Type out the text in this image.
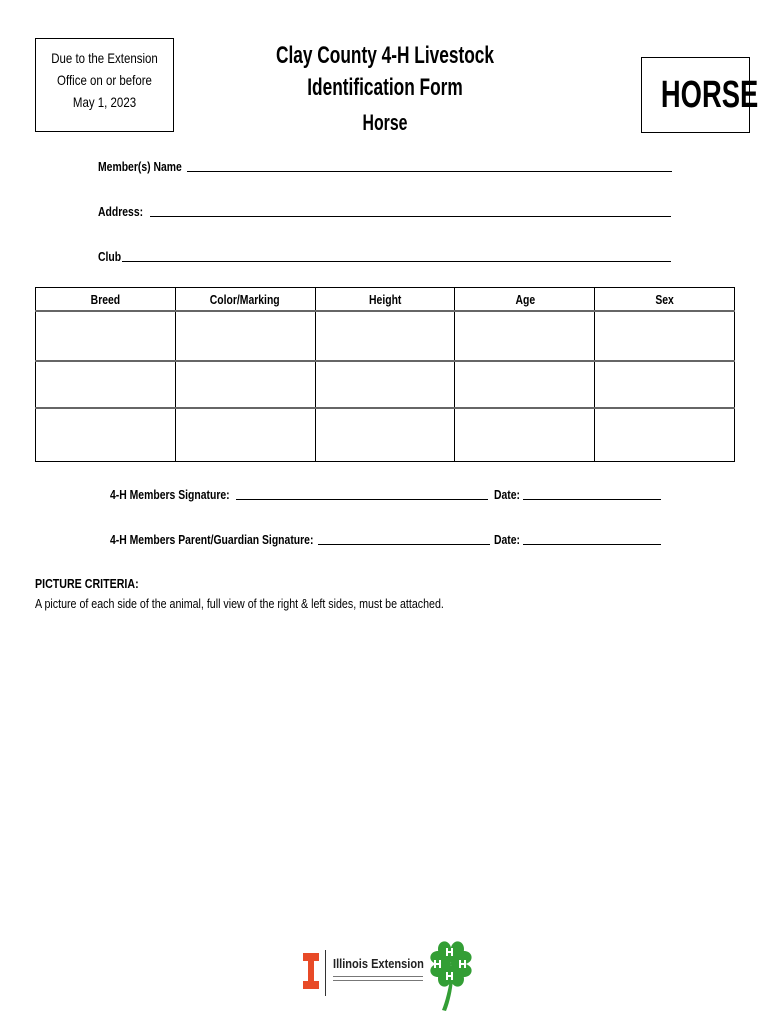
Due to the Extension
Office on or before
May 1, 2023
Clay County 4-H Livestock Identification Form
Horse
HORSE
Member(s) Name
Address:
Club
Breed	Color/Marking	Height	Age	Sex

4-H Members Signature:	Date:
4-H Members Parent/Guardian Signature:	Date:
PICTURE CRITERIA:
A picture of each side of the animal, full view of the right & left sides, must be attached.
Illinois Extension
